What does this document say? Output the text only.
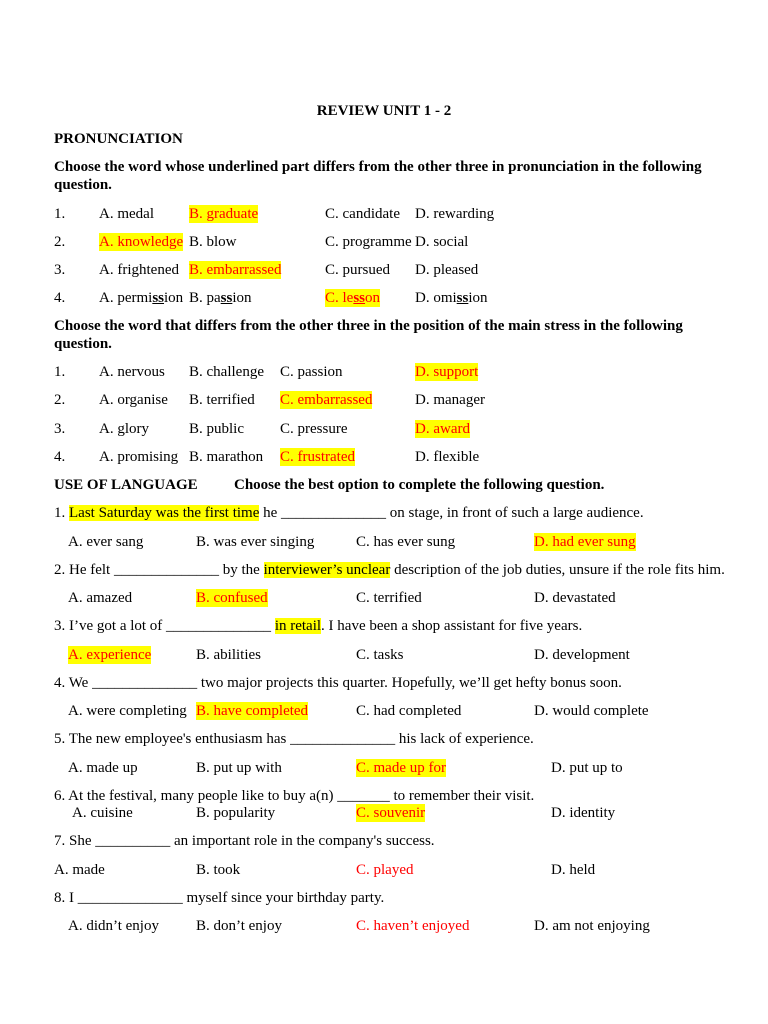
REVIEW UNIT 1 - 2
PRONUNCIATION
Choose the word whose underlined part differs from the other three in pronunciation in the following
question.
1. A. medal B. graduate	C. candidate D. rewarding
2. A. knowledge B. blow	C. programme D. social
3. A. frightened B. embarrassed	C. pursued D. pleased
4. A. permission B. passion	C. lesson D. omission
Choose the word that differs from the other three in the position of the main stress in the following
question.
1. A. nervous B. challenge C. passion	D. support
2. A. organise B. terrified C. embarrassed	D. manager
3. A. glory	B. public C. pressure	D. award
4. A. promising B. marathon C. frustrated	D. flexible
USE OF LANGUAGE Choose the best option to complete the following question.
1. Last Saturday was the first time he ______________ on stage, in front of such a large audience.
A. ever sang	B. was ever singing	C. has ever sung	D. had ever sung
2. He felt ______________ by the interviewer’s unclear description of the job duties, unsure if the role fits him.
A. amazed	B. confused	C. terrified	D. devastated
3. I’ve got a lot of ______________ in retail. I have been a shop assistant for five years.
A. experience	B. abilities	C. tasks	D. development
4. We ______________ two major projects this quarter. Hopefully, we’ll get hefty bonus soon.
A. were completing B. have completed	C. had completed	D. would complete
5. The new employee's enthusiasm has ______________ his lack of experience.
A. made up	B. put up with	C. made up for	D. put up to
6. At the festival, many people like to buy a(n) _______ to remember their visit.
A. cuisine	B. popularity	C. souvenir	D. identity
7. She __________ an important role in the company's success.
A. made	B. took	C. played	D. held
8. I ______________ myself since your birthday party.
A. didn’t enjoy B. don’t enjoy	C. haven’t enjoyed	D. am not enjoying
